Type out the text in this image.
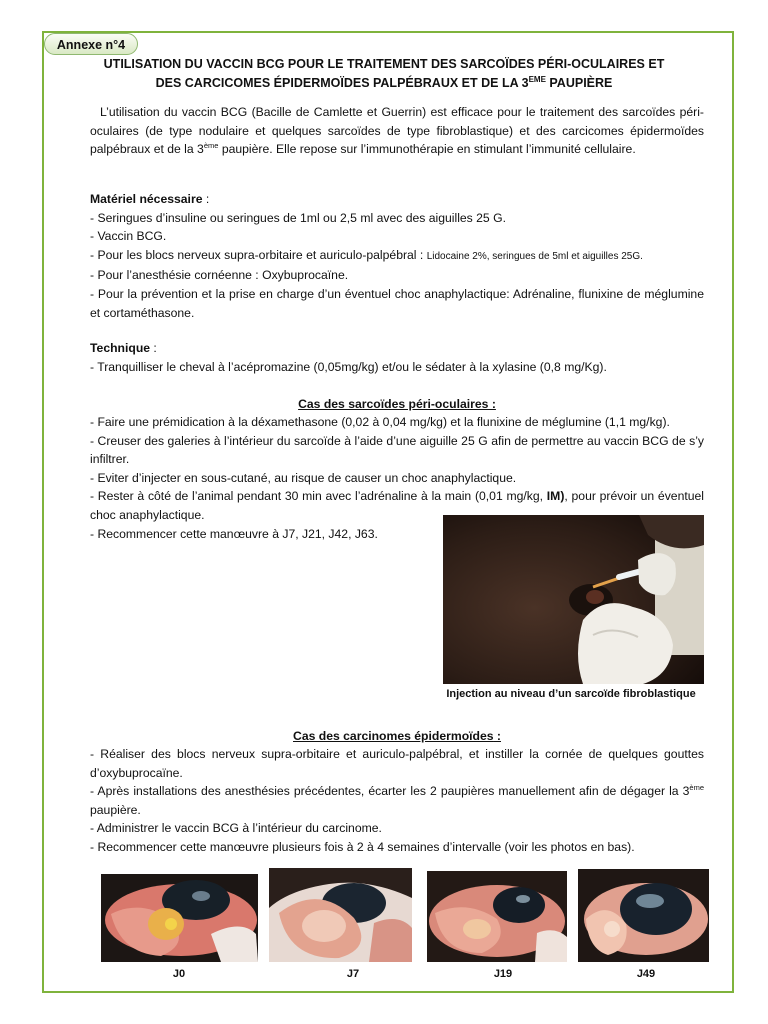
Annexe n°4
UTILISATION DU VACCIN BCG POUR LE TRAITEMENT DES SARCOÏDES PÉRI-OCULAIRES ET
DES CARCICOMES ÉPIDERMOÏDES PALPÉBRAUX ET DE LA 3EME PAUPIÈRE

L’utilisation du vaccin BCG (Bacille de Camlette et Guerrin) est efficace pour le traitement des sarcoïdes péri-oculaires (de type nodulaire et quelques sarcoïdes de type fibroblastique) et des carcicomes épidermoïdes palpébraux et de la 3ème paupière. Elle repose sur l’immunothérapie en stimulant l’immunité cellulaire.

Matériel nécessaire :

- Seringues d’insuline ou seringues de 1ml ou 2,5 ml avec des aiguilles 25 G.

- Vaccin BCG.

- Pour les blocs nerveux supra-orbitaire et auriculo-palpébral : Lidocaine 2%, seringues de 5ml et aiguilles 25G.

- Pour l’anesthésie cornéenne : Oxybuprocaïne.

- Pour la prévention et la prise en charge d’un éventuel choc anaphylactique: Adrénaline, flunixine de méglumine et cortaméthasone.

Technique :

- Tranquilliser le cheval à l’acépromazine (0,05mg/kg) et/ou le sédater à la xylasine (0,8 mg/Kg).

Cas des sarcoïdes péri-oculaires :

- Faire une prémidication à la déxamethasone (0,02 à 0,04 mg/kg) et la flunixine de méglumine (1,1 mg/kg).

- Creuser des galeries à l’intérieur du sarcoïde à l’aide d’une aiguille 25 G afin de permettre au vaccin BCG de s’y infiltrer.

- Eviter d’injecter en sous-cutané, au risque de causer un choc anaphylactique.

- Rester à côté de l’animal pendant 30 min avec l’adrénaline à la main (0,01 mg/kg, IM), pour prévoir un éventuel choc anaphylactique.

- Recommencer cette manœuvre à J7, J21, J42, J63.

Injection au niveau d’un sarcoïde fibroblastique
Cas des carcinomes épidermoïdes :

- Réaliser des blocs nerveux supra-orbitaire et auriculo-palpébral, et instiller la cornée de quelques gouttes d’oxybuprocaïne.

- Après installations des anesthésies précédentes, écarter les 2 paupières manuellement afin de dégager la 3ème paupière.

- Administrer le vaccin BCG à l’intérieur du carcinome.

- Recommencer cette manœuvre plusieurs fois à 2 à 4 semaines d’intervalle (voir les photos en bas).

J0	J7	J19	J49
